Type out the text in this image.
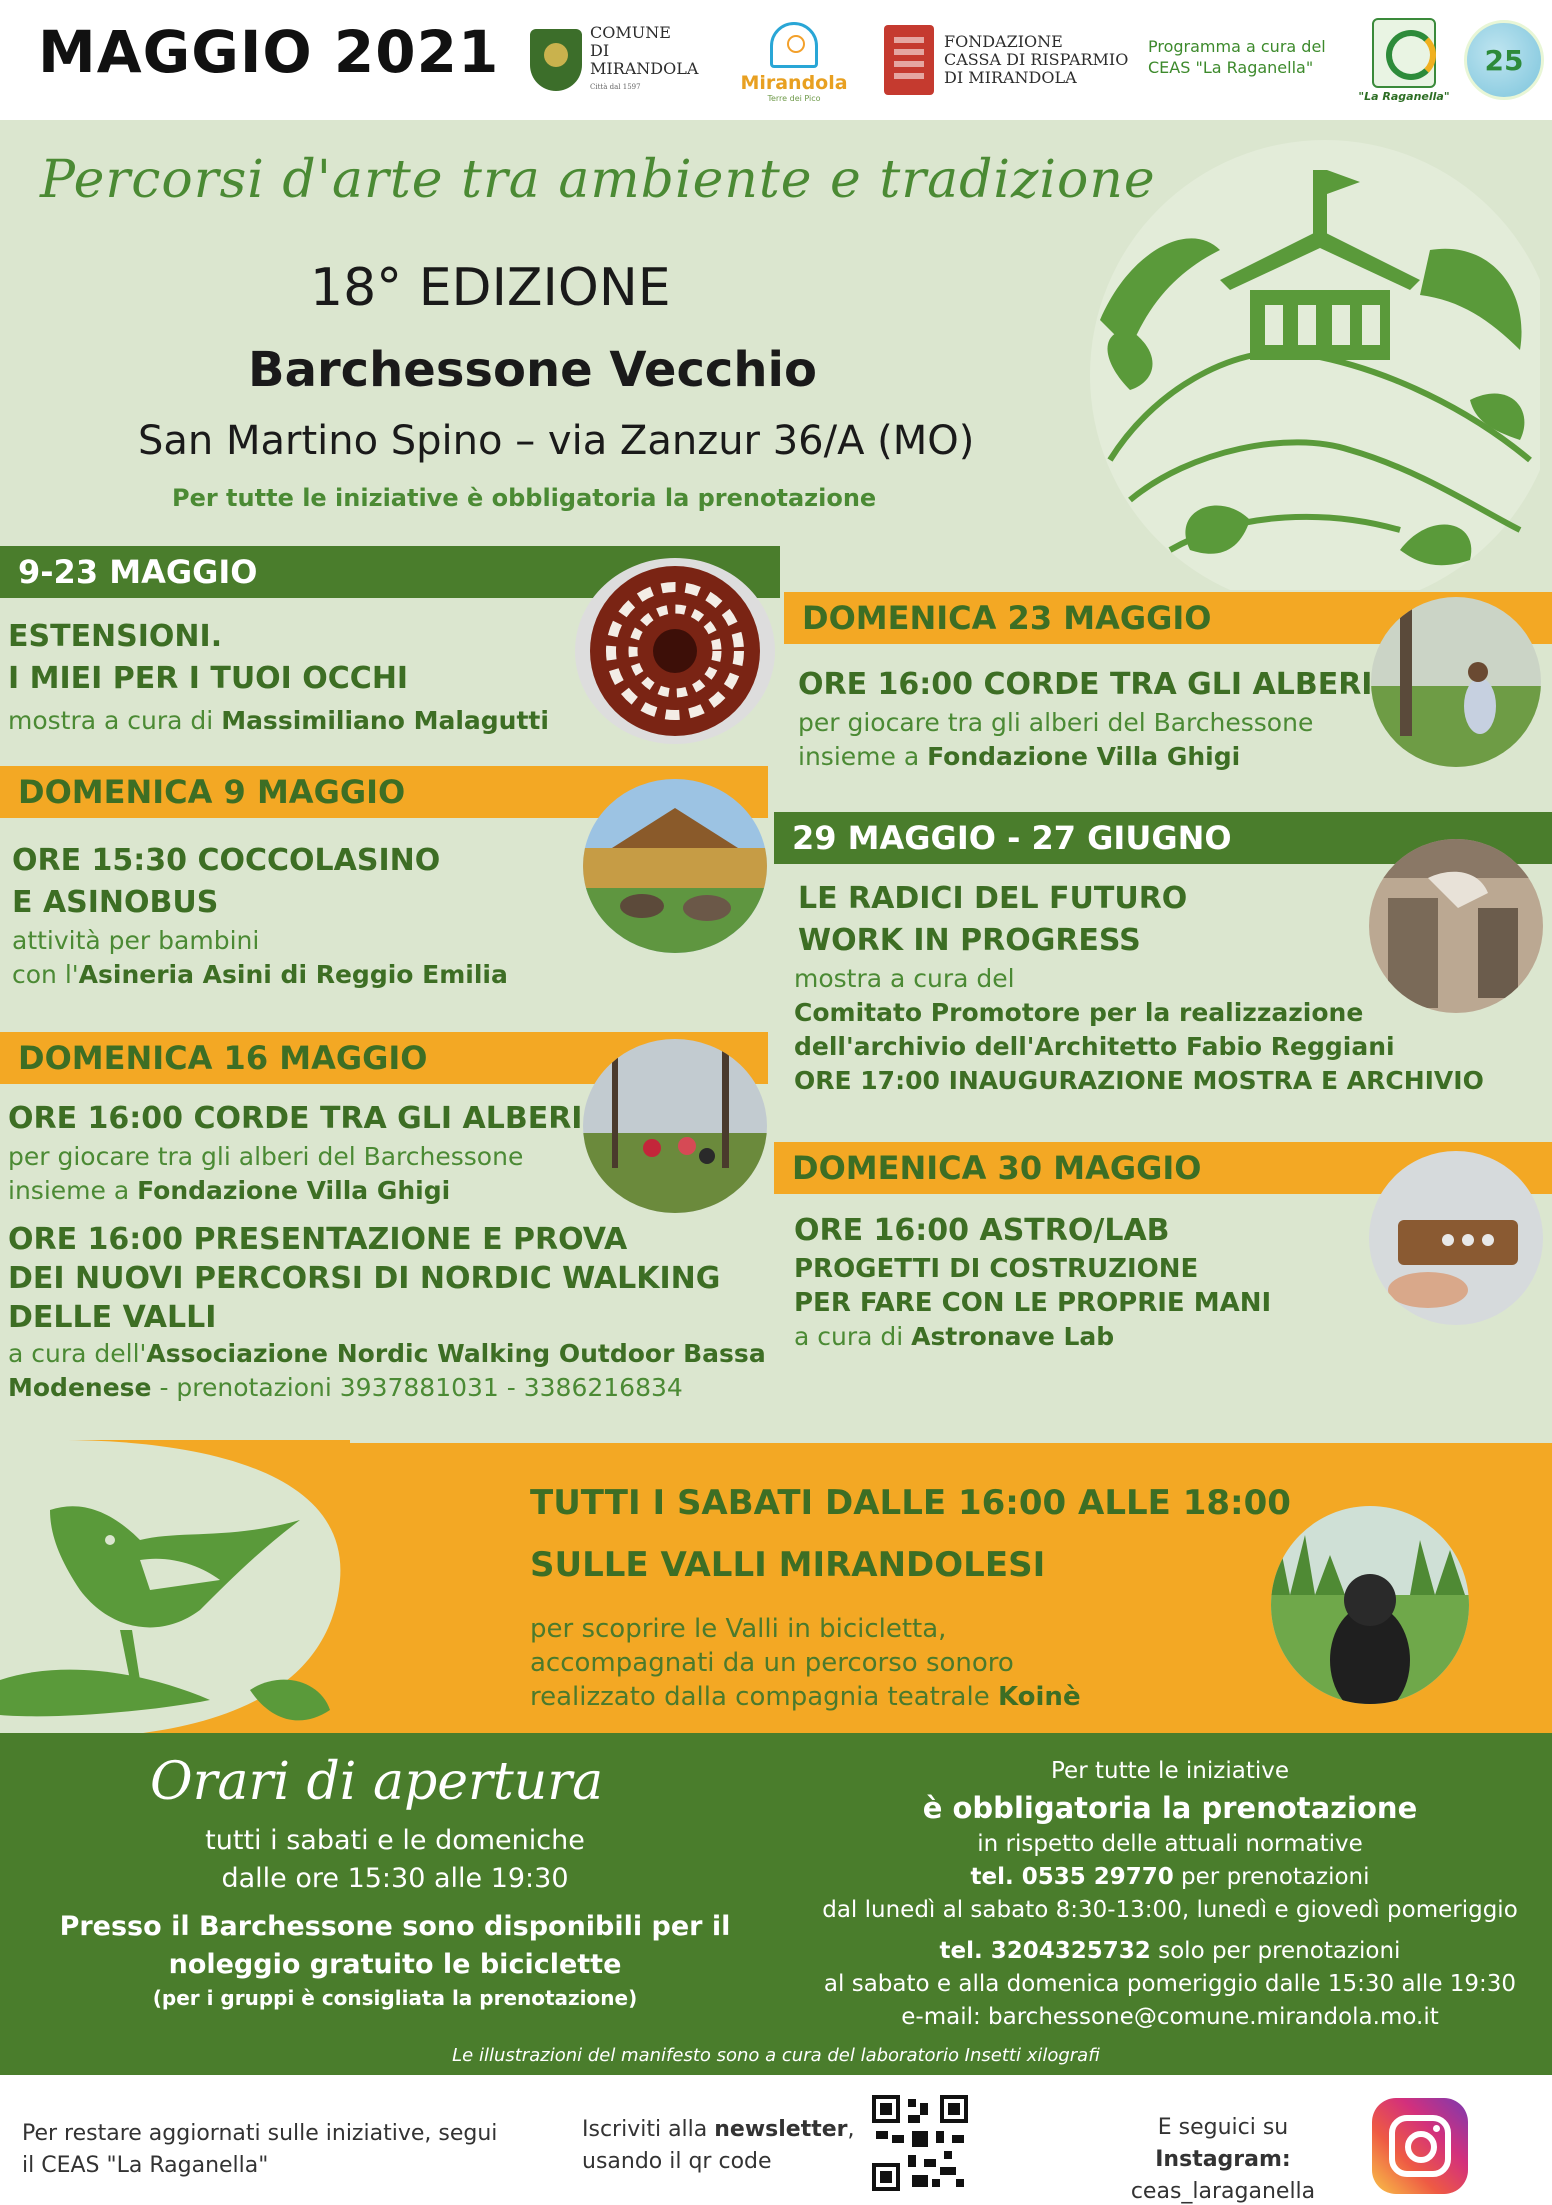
MAGGIO 2021	COMUNE
DI
MIRANDOLA
Città dal 1597	Mirandola
Terre dei Pico
FONDAZIONE
CASSA DI RISPARMIO
DI MIRANDOLA
Programma a cura del
CEAS "La Raganella"
"La Raganella"
25
Percorsi d'arte tra ambiente e tradizione
18° EDIZIONE
Barchessone Vecchio
San Martino Spino – via Zanzur 36/A (MO)
Per tutte le iniziative è obbligatoria la prenotazione
9-23 MAGGIO
ESTENSIONI.
I MIEI PER I TUOI OCCHI
mostra a cura di Massimiliano Malagutti
DOMENICA 9 MAGGIO
ORE 15:30 COCCOLASINO
E ASINOBUS
attività per bambini
con l'Asineria Asini di Reggio Emilia
DOMENICA 16 MAGGIO
ORE 16:00 CORDE TRA GLI ALBERI
per giocare tra gli alberi del Barchessone
insieme a Fondazione Villa Ghigi
ORE 16:00 PRESENTAZIONE E PROVA
DEI NUOVI PERCORSI DI NORDIC WALKING
DELLE VALLI
a cura dell'Associazione Nordic Walking Outdoor Bassa
Modenese - prenotazioni 3937881031 - 3386216834
DOMENICA 23 MAGGIO
ORE 16:00 CORDE TRA GLI ALBERI
per giocare tra gli alberi del Barchessone
insieme a Fondazione Villa Ghigi
29 MAGGIO - 27 GIUGNO
LE RADICI DEL FUTURO
WORK IN PROGRESS
mostra a cura del
Comitato Promotore per la realizzazione
dell'archivio dell'Architetto Fabio Reggiani
ORE 17:00 INAUGURAZIONE MOSTRA E ARCHIVIO
DOMENICA 30 MAGGIO
ORE 16:00 ASTRO/LAB
PROGETTI DI COSTRUZIONE
PER FARE CON LE PROPRIE MANI
a cura di Astronave Lab
TUTTI I SABATI DALLE 16:00 ALLE 18:00
SULLE VALLI MIRANDOLESI
per scoprire le Valli in bicicletta,
accompagnati da un percorso sonoro
realizzato dalla compagnia teatrale Koinè
Orari di apertura
tutti i sabati e le domeniche
dalle ore 15:30 alle 19:30
Presso il Barchessone sono disponibili per il
noleggio gratuito le biciclette
(per i gruppi è consigliata la prenotazione)
Per tutte le iniziative
è obbligatoria la prenotazione
in rispetto delle attuali normative
tel. 0535 29770 per prenotazioni
dal lunedì al sabato 8:30-13:00, lunedì e giovedì pomeriggio
tel. 3204325732 solo per prenotazioni
al sabato e alla domenica pomeriggio dalle 15:30 alle 19:30
e-mail: barchessone@comune.mirandola.mo.it
Le illustrazioni del manifesto sono a cura del laboratorio Insetti xilografi
Per restare aggiornati sulle iniziative, segui
il CEAS "La Raganella"
Iscriviti alla newsletter,
usando il qr code
E seguici su Instagram:
ceas_laraganella
